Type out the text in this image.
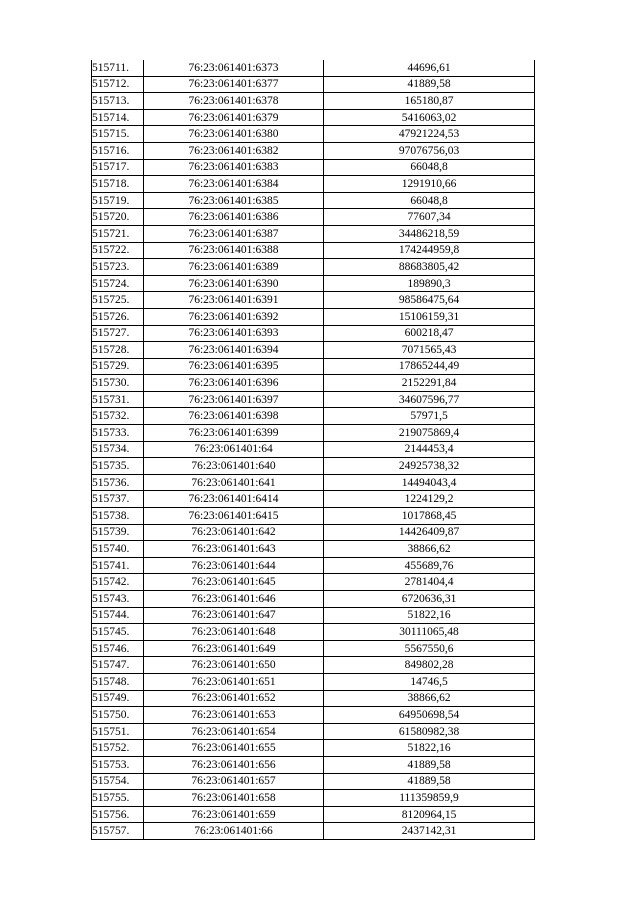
515711.	76:23:061401:6373	44696,61
515712.	76:23:061401:6377	41889,58
515713.	76:23:061401:6378	165180,87
515714.	76:23:061401:6379	5416063,02
515715.	76:23:061401:6380	47921224,53
515716.	76:23:061401:6382	97076756,03
515717.	76:23:061401:6383	66048,8
515718.	76:23:061401:6384	1291910,66
515719.	76:23:061401:6385	66048,8
515720.	76:23:061401:6386	77607,34
515721.	76:23:061401:6387	34486218,59
515722.	76:23:061401:6388	174244959,8
515723.	76:23:061401:6389	88683805,42
515724.	76:23:061401:6390	189890,3
515725.	76:23:061401:6391	98586475,64
515726.	76:23:061401:6392	15106159,31
515727.	76:23:061401:6393	600218,47
515728.	76:23:061401:6394	7071565,43
515729.	76:23:061401:6395	17865244,49
515730.	76:23:061401:6396	2152291,84
515731.	76:23:061401:6397	34607596,77
515732.	76:23:061401:6398	57971,5
515733.	76:23:061401:6399	219075869,4
515734.	76:23:061401:64	2144453,4
515735.	76:23:061401:640	24925738,32
515736.	76:23:061401:641	14494043,4
515737.	76:23:061401:6414	1224129,2
515738.	76:23:061401:6415	1017868,45
515739.	76:23:061401:642	14426409,87
515740.	76:23:061401:643	38866,62
515741.	76:23:061401:644	455689,76
515742.	76:23:061401:645	2781404,4
515743.	76:23:061401:646	6720636,31
515744.	76:23:061401:647	51822,16
515745.	76:23:061401:648	30111065,48
515746.	76:23:061401:649	5567550,6
515747.	76:23:061401:650	849802,28
515748.	76:23:061401:651	14746,5
515749.	76:23:061401:652	38866,62
515750.	76:23:061401:653	64950698,54
515751.	76:23:061401:654	61580982,38
515752.	76:23:061401:655	51822,16
515753.	76:23:061401:656	41889,58
515754.	76:23:061401:657	41889,58
515755.	76:23:061401:658	111359859,9
515756.	76:23:061401:659	8120964,15
515757.	76:23:061401:66	2437142,31
